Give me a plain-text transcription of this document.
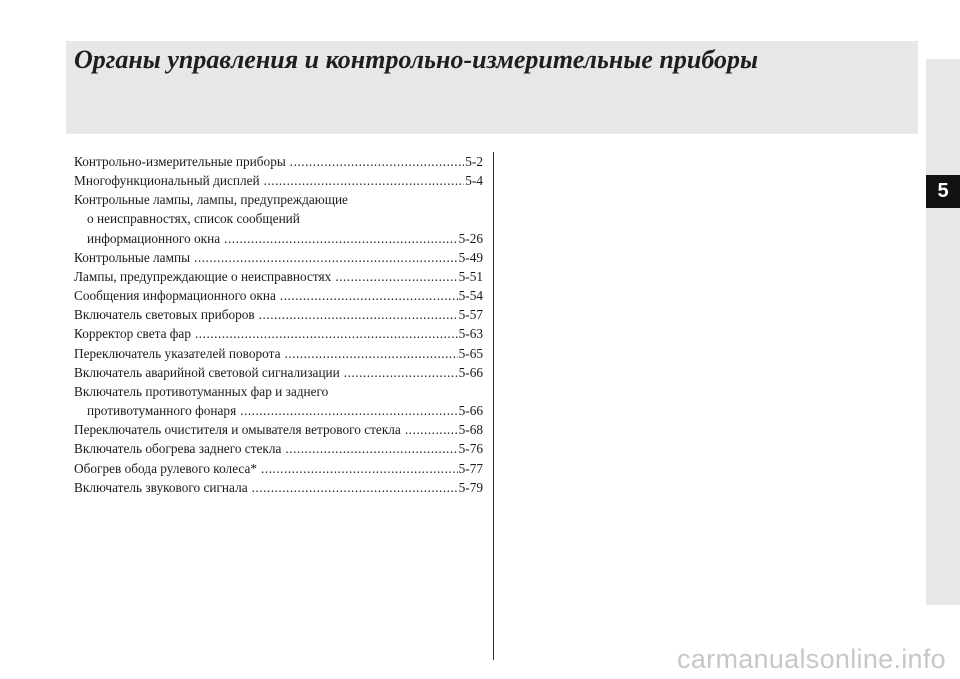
Органы управления и контрольно-измерительные приборы
5
Контрольно-измерительные приборы .....	5-2
Многофункциональный дисплей .....	5-4
Контрольные лампы, лампы, предупреждающие
о неисправностях, список сообщений
информационного окна .....	5-26
Контрольные лампы .....	5-49
Лампы, предупреждающие о неисправностях .....	5-51
Сообщения информационного окна .....	5-54
Включатель световых приборов .....	5-57
Корректор света фар .....	5-63
Переключатель указателей поворота .....	5-65
Включатель аварийной световой сигнализации .....	5-66
Включатель противотуманных фар и заднего
противотуманного фонаря .....	5-66
Переключатель очистителя и омывателя ветрового стекла .....	5-68
Включатель обогрева заднего стекла .....	5-76
Обогрев обода рулевого колеса* .....	5-77
Включатель звукового сигнала .....	5-79
carmanualsonline.info
